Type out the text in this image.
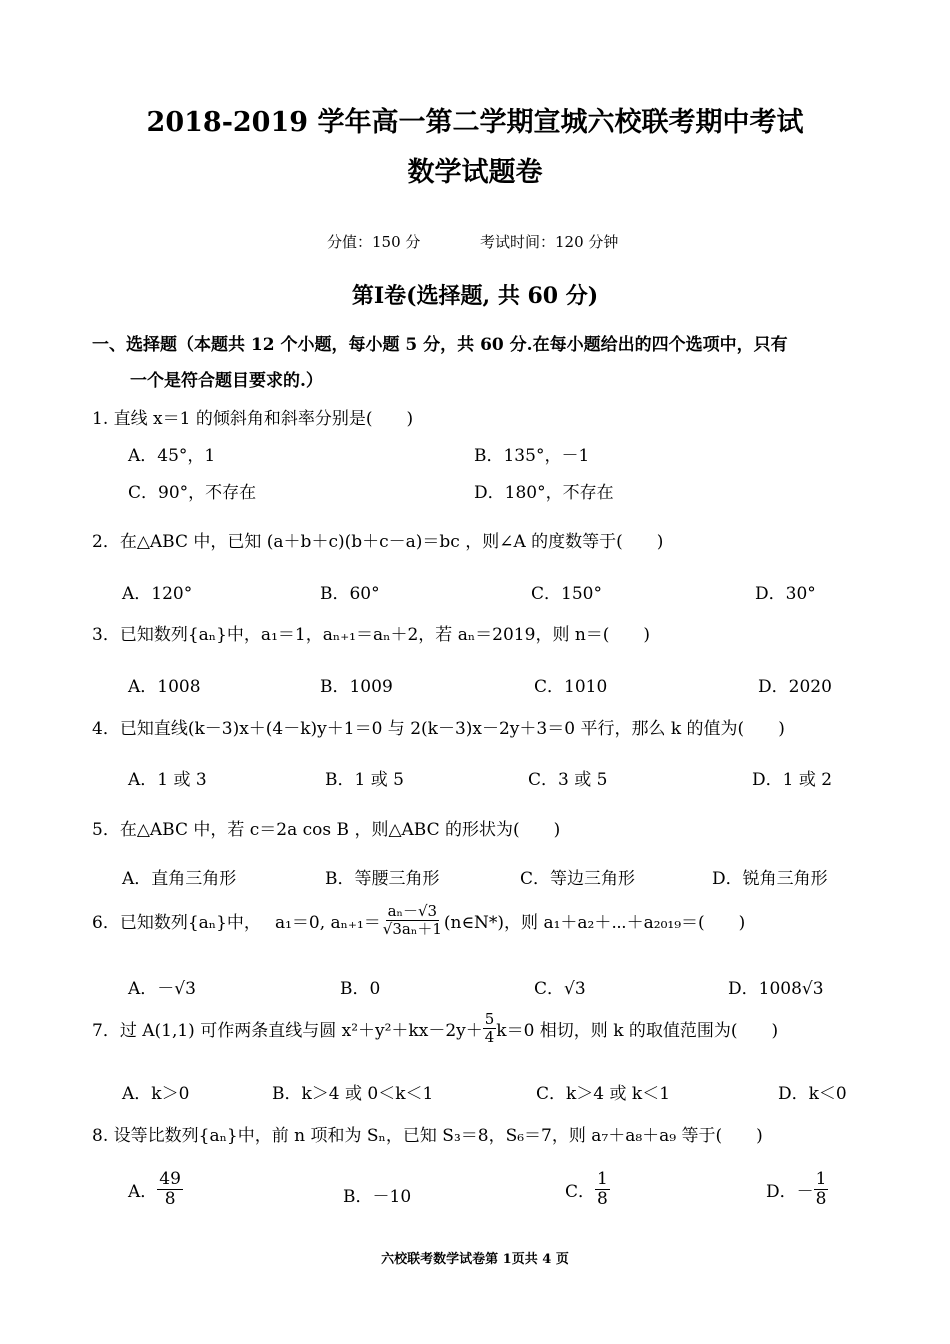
2018-2019 学年高一第二学期宣城六校联考期中考试
数学试题卷
分值：150 分	考试时间：120 分钟
第Ⅰ卷(选择题, 共 60 分)
一、选择题（本题共 12 个小题，每小题 5 分，共 60 分.在每小题给出的四个选项中，只有
一个是符合题目要求的.）
1. 直线 x＝1 的倾斜角和斜率分别是(　　)
A．45°，1	B．135°，－1
C．90°，不存在	D．180°，不存在
2．在△ABC 中，已知 (a＋b＋c)(b＋c－a)＝bc ，则∠A 的度数等于(　　)
A．120°	B．60°	C．150°	D．30°
3．已知数列{aₙ}中，a₁＝1，aₙ₊₁＝aₙ＋2，若 aₙ＝2019，则 n＝(　　)
A．1008	B．1009	C．1010	D．2020
4．已知直线(k－3)x＋(4－k)y＋1＝0 与 2(k－3)x－2y＋3＝0 平行，那么 k 的值为(　　)
A．1 或 3	B．1 或 5	C．3 或 5	D．1 或 2
5．在△ABC 中，若 c＝2a cos B ，则△ABC 的形状为(　　)
A．直角三角形	B．等腰三角形	C．等边三角形	D．锐角三角形
6．已知数列{aₙ}中， a₁＝0, $a_{n+1}= \frac{\text{aₙ－√3}}{\text{√3aₙ＋1}}$ (n∈N*)，则 a₁＋a₂＋⋯＋a₂₀₁₉＝(　　)
A．－√3	B．0	C．√3	D．1008√3
7．过 A(1,1) 可作两条直线与圆 $x^2+y^2+kx-2y+ \frac{5}{4} k=0$ 相切，则 k 的取值范围为(　　)
A．k＞0	B．k＞4 或 0＜k＜1	C．k＞4 或 k＜1	D．k＜0
8. 设等比数列{aₙ}中，前 n 项和为 Sₙ，已知 S₃＝8，S₆＝7，则 a₇＋a₈＋a₉ 等于(　　)
A． $\frac{49}{8}$	B．－10	C． $\frac{1}{8}$	D．－ $\frac{1}{8}$
六校联考数学试卷第 1页共 4 页
